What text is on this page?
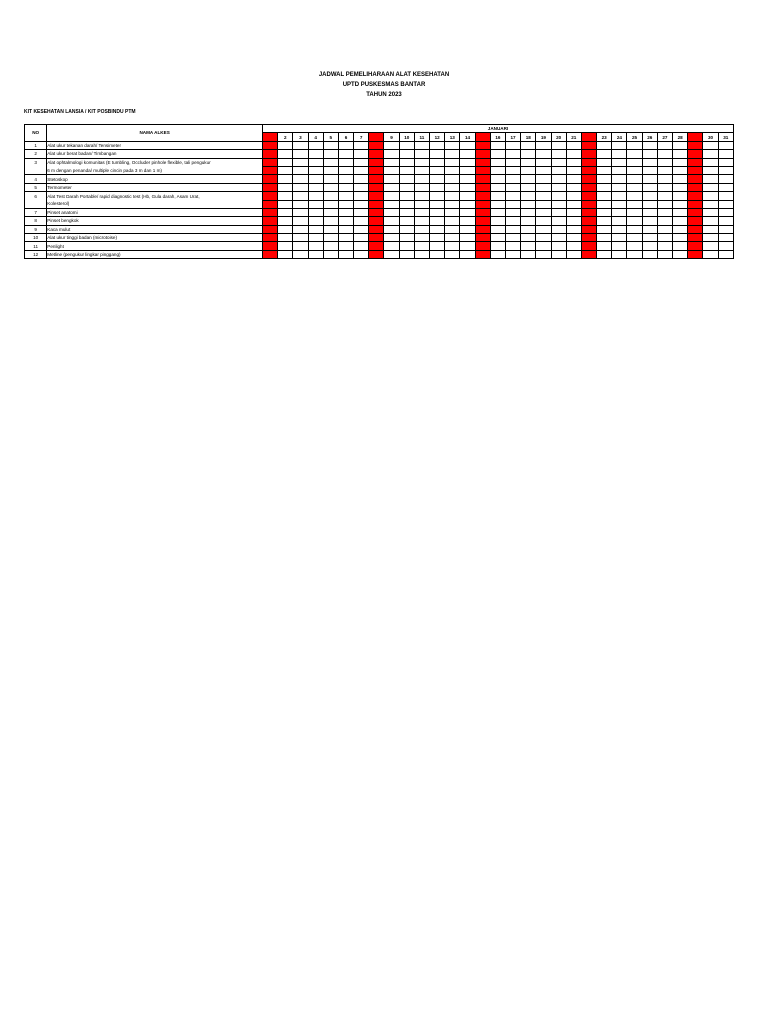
JADWAL PEMELIHARAAN ALAT KESEHATAN
UPTD PUSKESMAS BANTAR
TAHUN 2023
KIT KESEHATAN LANSIA / KIT POSBINDU PTM
NO	NAMA ALKES	JANUARI																														
			2	3	4	5	6	7		9	10	11	12	13	14		16	17	18	19	20	21		23	24	25	26	27	28		30	31
1	Alat ukur tekanan darah/ Tensimeter																															
2	Alat ukur berat badan/ Timbangan																															
3	Alat ophtalmologi komunitas (E tumbling, Occluder pinhole flexible, tali pengukur																															
	6 m dengan penanda/ multiple cincin pada 3 m dan 1 m)																															
4	Stetoskop																															
5	Termometer																															
6	Alat Test Darah Portable/ rapid diagnostic test (Hb, Gula darah, Asam Urat,																															
	Kolesterol)																															
7	Pinset anatomi																															
8	Pinset bengkok																															
9	Kaca mulut																															
10	Alat ukur tinggi badan (microtoise)																															
11	Penlight																															
12	Metline (pengukur lingkar pinggang)																															
